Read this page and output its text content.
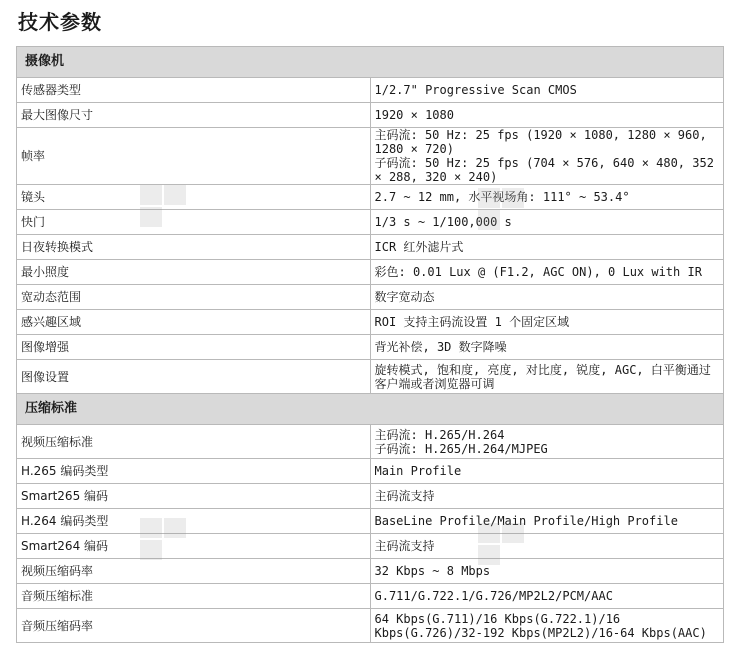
技术参数
摄像机	
传感器类型	1/2.7" Progressive Scan CMOS

最大图像尺寸	1920 × 1080

帧率	主码流: 50 Hz: 25 fps (1920 × 1080, 1280 × 960, 1280 × 720)
子码流: 50 Hz: 25 fps (704 × 576, 640 × 480, 352 × 288, 320 × 240)

镜头	2.7 ~ 12 mm, 水平视场角: 111° ~ 53.4°

快门	1/3 s ~ 1/100,000 s

日夜转换模式	ICR 红外滤片式

最小照度	彩色: 0.01 Lux @ (F1.2, AGC ON), 0 Lux with IR

宽动态范围	数字宽动态

感兴趣区域	ROI 支持主码流设置 1 个固定区域

图像增强	背光补偿, 3D 数字降噪

图像设置	旋转模式, 饱和度, 亮度, 对比度, 锐度, AGC, 白平衡通过客户端或者浏览器可调

压缩标准	
视频压缩标准	主码流: H.265/H.264
子码流: H.265/H.264/MJPEG

H.265 编码类型	Main Profile

Smart265 编码	主码流支持

H.264 编码类型	BaseLine Profile/Main Profile/High Profile

Smart264 编码	主码流支持

视频压缩码率	32 Kbps ~ 8 Mbps

音频压缩标准	G.711/G.722.1/G.726/MP2L2/PCM/AAC

音频压缩码率	64 Kbps(G.711)/16 Kbps(G.722.1)/16 Kbps(G.726)/32-192 Kbps(MP2L2)/16-64 Kbps(AAC)
